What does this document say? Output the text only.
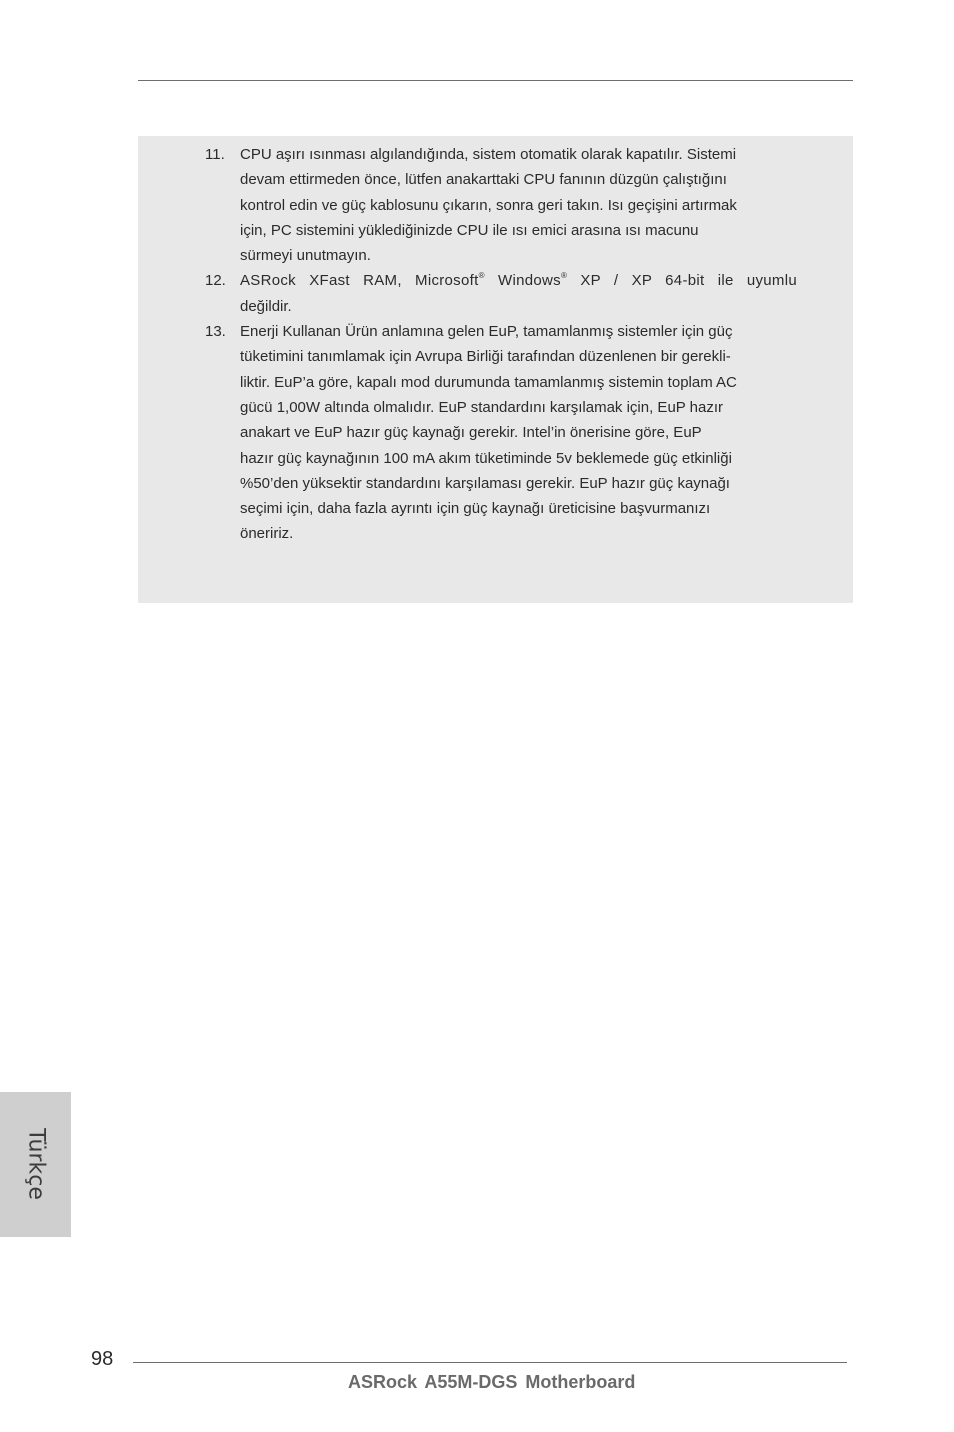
11.	CPU aşırı ısınması algılandığında, sistem otomatik olarak kapatılır. Sistemi
devam ettirmeden önce, lütfen anakarttaki CPU fanının düzgün çalıştığını
kontrol edin ve güç kablosunu çıkarın, sonra geri takın. Isı geçişini artırmak
için, PC sistemini yüklediğinizde CPU ile ısı emici arasına ısı macunu
sürmeyi unutmayın.
12. ASRock XFast RAM, Microsoft® Windows® XP / XP 64-bit ile uyumlu
değildir.
13. Enerji Kullanan Ürün anlamına gelen EuP, tamamlanmış sistemler için güç
tüketimini tanımlamak için Avrupa Birliği tarafından düzenlenen bir gerekli-
liktir. EuP’a göre, kapalı mod durumunda tamamlanmış sistemin toplam AC
gücü 1,00W altında olmalıdır. EuP standardını karşılamak için, EuP hazır
anakart ve EuP hazır güç kaynağı gerekir. Intel’in önerisine göre, EuP
hazır güç kaynağının 100 mA akım tüketiminde 5v beklemede güç etkinliği
%50’den yüksektir standardını karşılaması gerekir. EuP hazır güç kaynağı
seçimi için, daha fazla ayrıntı için güç kaynağı üreticisine başvurmanızı
öneririz.
Türkçe
98
ASRock A55M-DGS Motherboard
